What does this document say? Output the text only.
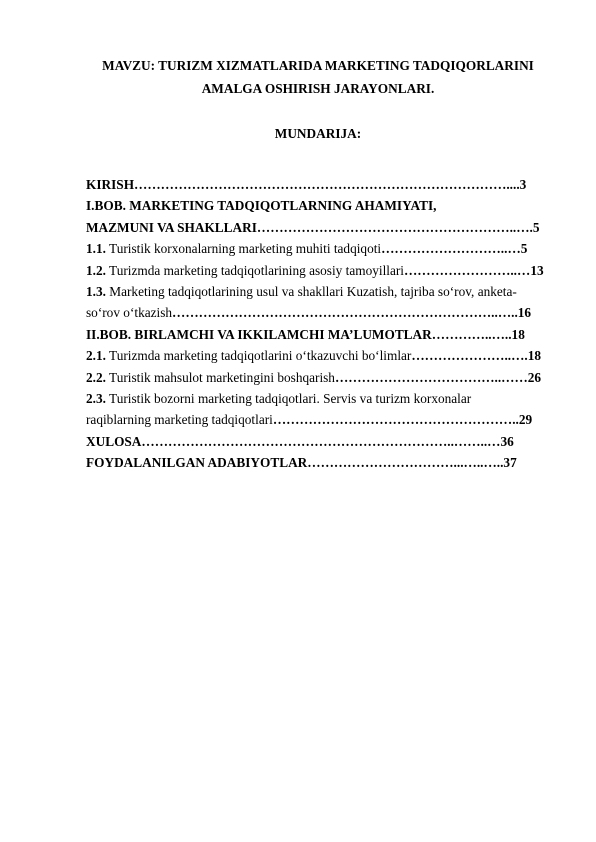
MAVZU: TURIZM XIZMATLARIDA MARKETING TADQIQORLARINI
AMALGA OSHIRISH JARAYONLARI.
MUNDARIJA:
KIRISH…………………………………………………………………………....3
I.BOB. MARKETING TADQIQOTLARNING AHAMIYATI,
MAZMUNI VA SHAKLLARI…………………………………………………..….5
1.1. Turistik korxonalarning marketing muhiti tadqiqoti………………………..…5
1.2. Turizmda marketing tadqiqotlarining asosiy tamoyillari……………………..…13
1.3. Marketing tadqiqotlarining usul va shakllari Kuzatish, tajriba so‘rov, anketa-
so‘rov o‘tkazish………………………………………………………………..…..16
II.BOB. BIRLAMCHI VA IKKILAMCHI MA’LUMOTLAR…………..…..18
2.1. Turizmda marketing tadqiqotlarini o‘tkazuvchi bo‘limlar…………………..….18
2.2. Turistik mahsulot marketingini boshqarish………………………………..……26
2.3. Turistik bozorni marketing tadqiqotlari. Servis va turizm korxonalar
raqiblarning marketing tadqiqotlari………………………………………………..29
XULOSA……………………………………………………………..……..…36
FOYDALANILGAN ADABIYOTLAR……………………………...…..…..37
